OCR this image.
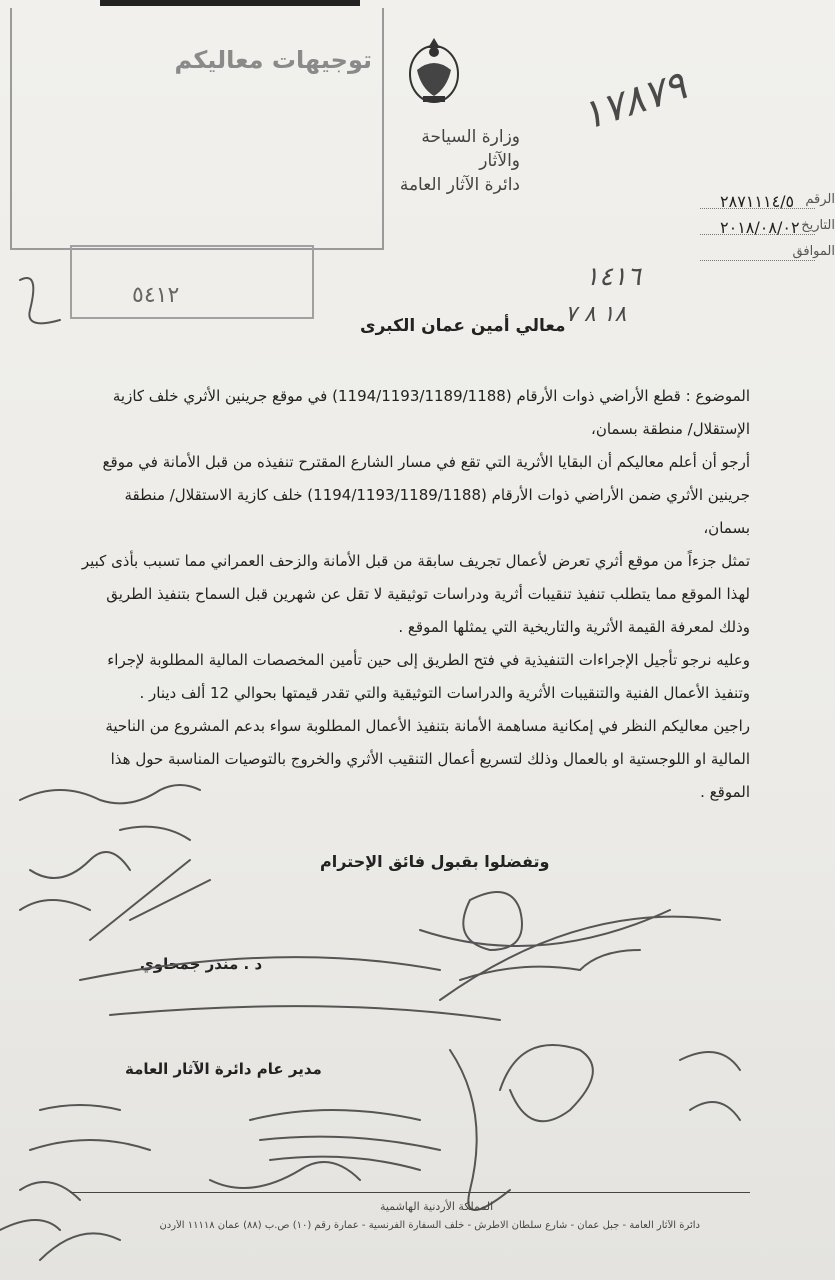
توجيهات معاليكم
٥٤١٢
وزارة السياحة والآثار
دائرة الآثار العامة
١٧٨٧٩
٢٨٧١١١٤/٥ الرقم
٢٠١٨/٠٨/٠٢ التاريخ
الموافق
١٤١٦
١٨ ٨ ٧
معالي أمين عمان الكبرى

الموضوع : قطع الأراضي ذوات الأرقام (1194/1193/1189/1188) في موقع جرينين الأثري خلف كازية الإستقلال/ منطقة بسمان،

أرجو أن أعلم معاليكم أن البقايا الأثرية التي تقع في مسار الشارع المقترح تنفيذه من قبل الأمانة في موقع جرينين الأثري ضمن الأراضي ذوات الأرقام (1194/1193/1189/1188) خلف كازية الاستقلال/ منطقة بسمان،

تمثل جزءاً من موقع أثري تعرض لأعمال تجريف سابقة من قبل الأمانة والزحف العمراني مما تسبب بأذى كبير لهذا الموقع مما يتطلب تنفيذ تنقيبات أثرية ودراسات توثيقية لا تقل عن شهرين قبل السماح بتنفيذ الطريق وذلك لمعرفة القيمة الأثرية والتاريخية التي يمثلها الموقع .

وعليه نرجو تأجيل الإجراءات التنفيذية في فتح الطريق إلى حين تأمين المخصصات المالية المطلوبة لإجراء وتنفيذ الأعمال الفنية والتنقيبات الأثرية والدراسات التوثيقية والتي تقدر قيمتها بحوالي 12 ألف دينار .

راجين معاليكم النظر في إمكانية مساهمة الأمانة بتنفيذ الأعمال المطلوبة سواء بدعم المشروع من الناحية المالية او اللوجستية او بالعمال وذلك لتسريع أعمال التنقيب الأثري والخروج بالتوصيات المناسبة حول هذا الموقع .

وتفضلوا بقبول فائق الإحترام
د . منذر جمحاوي
مدير عام دائرة الآثار العامة
المملكة الأردنية الهاشمية
دائرة الآثار العامة - جبل عمان - شارع سلطان الاطرش - خلف السفارة الفرنسية - عمارة رقم (١٠) ص.ب (٨٨) عمان ١١١١٨ الأردن
